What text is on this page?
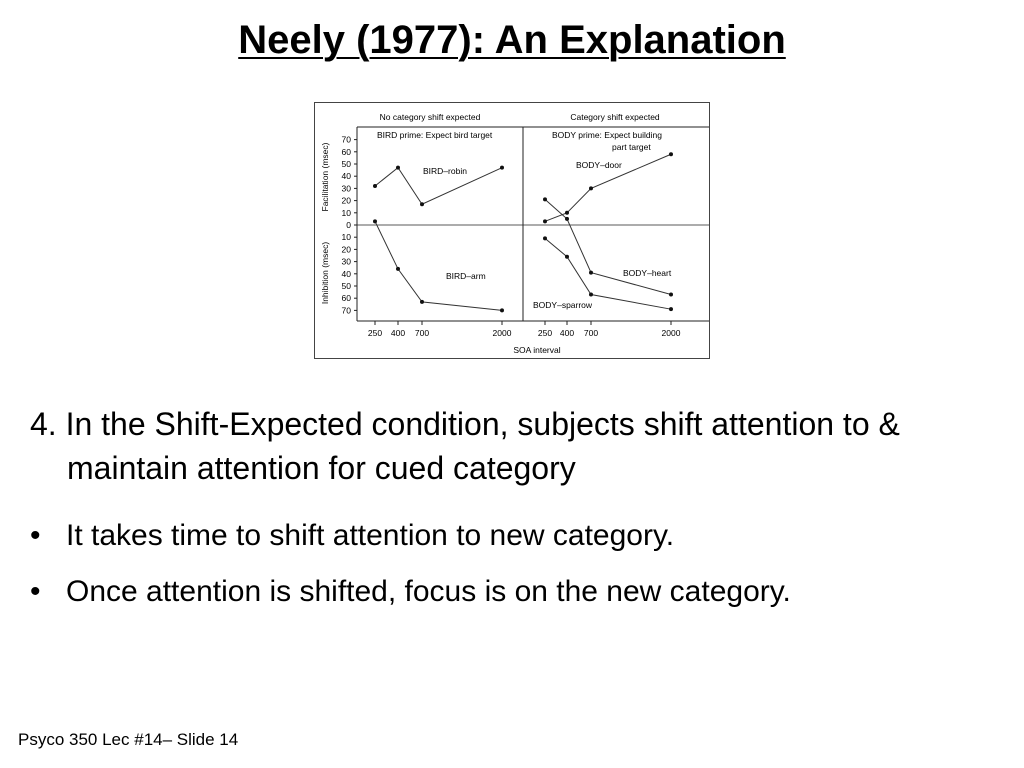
Neely (1977): An Explanation
No category shift expected	Category shift expected
BIRD prime: Expect bird target	BODY prime: Expect building
part target
Facilitation (msec)
Inhibition (msec)
SOA interval
BIRD–robin
BIRD–arm
BODY–door
BODY–heart
BODY–sparrow
70
60
50
40
30
20
10
0
10
20
30
40
50
60
70
250 400 700	2000	250 400 700	2000
4. In the Shift-Expected condition, subjects shift attention to & maintain attention for cued category
• It takes time to shift attention to new category.
• Once attention is shifted, focus is on the new category.
Psyco 350 Lec #14– Slide 14
